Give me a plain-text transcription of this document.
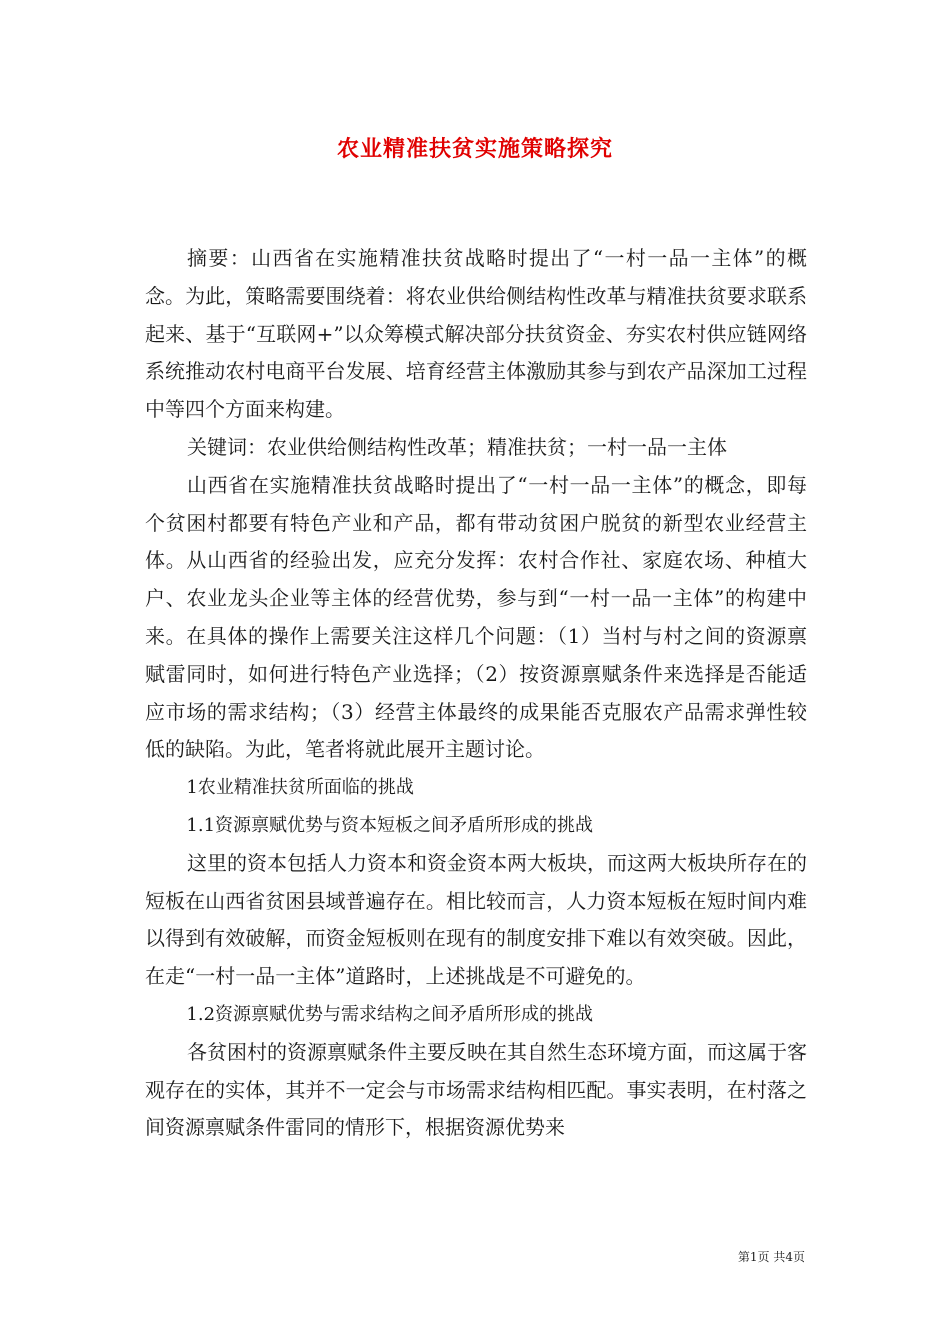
农业精准扶贫实施策略探究

摘要：山西省在实施精准扶贫战略时提出了“一村一品一主体”的概念。为此，策略需要围绕着：将农业供给侧结构性改革与精准扶贫要求联系起来、基于“互联网+”以众筹模式解决部分扶贫资金、夯实农村供应链网络系统推动农村电商平台发展、培育经营主体激励其参与到农产品深加工过程中等四个方面来构建。

关键词：农业供给侧结构性改革；精准扶贫；一村一品一主体

山西省在实施精准扶贫战略时提出了“一村一品一主体”的概念，即每个贫困村都要有特色产业和产品，都有带动贫困户脱贫的新型农业经营主体。从山西省的经验出发，应充分发挥：农村合作社、家庭农场、种植大户、农业龙头企业等主体的经营优势，参与到“一村一品一主体”的构建中来。在具体的操作上需要关注这样几个问题：（1）当村与村之间的资源禀赋雷同时，如何进行特色产业选择；（2）按资源禀赋条件来选择是否能适应市场的需求结构；（3）经营主体最终的成果能否克服农产品需求弹性较低的缺陷。为此，笔者将就此展开主题讨论。

1农业精准扶贫所面临的挑战

1.1资源禀赋优势与资本短板之间矛盾所形成的挑战

这里的资本包括人力资本和资金资本两大板块，而这两大板块所存在的短板在山西省贫困县域普遍存在。相比较而言，人力资本短板在短时间内难以得到有效破解，而资金短板则在现有的制度安排下难以有效突破。因此，在走“一村一品一主体”道路时，上述挑战是不可避免的。

1.2资源禀赋优势与需求结构之间矛盾所形成的挑战

各贫困村的资源禀赋条件主要反映在其自然生态环境方面，而这属于客观存在的实体，其并不一定会与市场需求结构相匹配。事实表明，在村落之间资源禀赋条件雷同的情形下，根据资源优势来

第1页 共4页
